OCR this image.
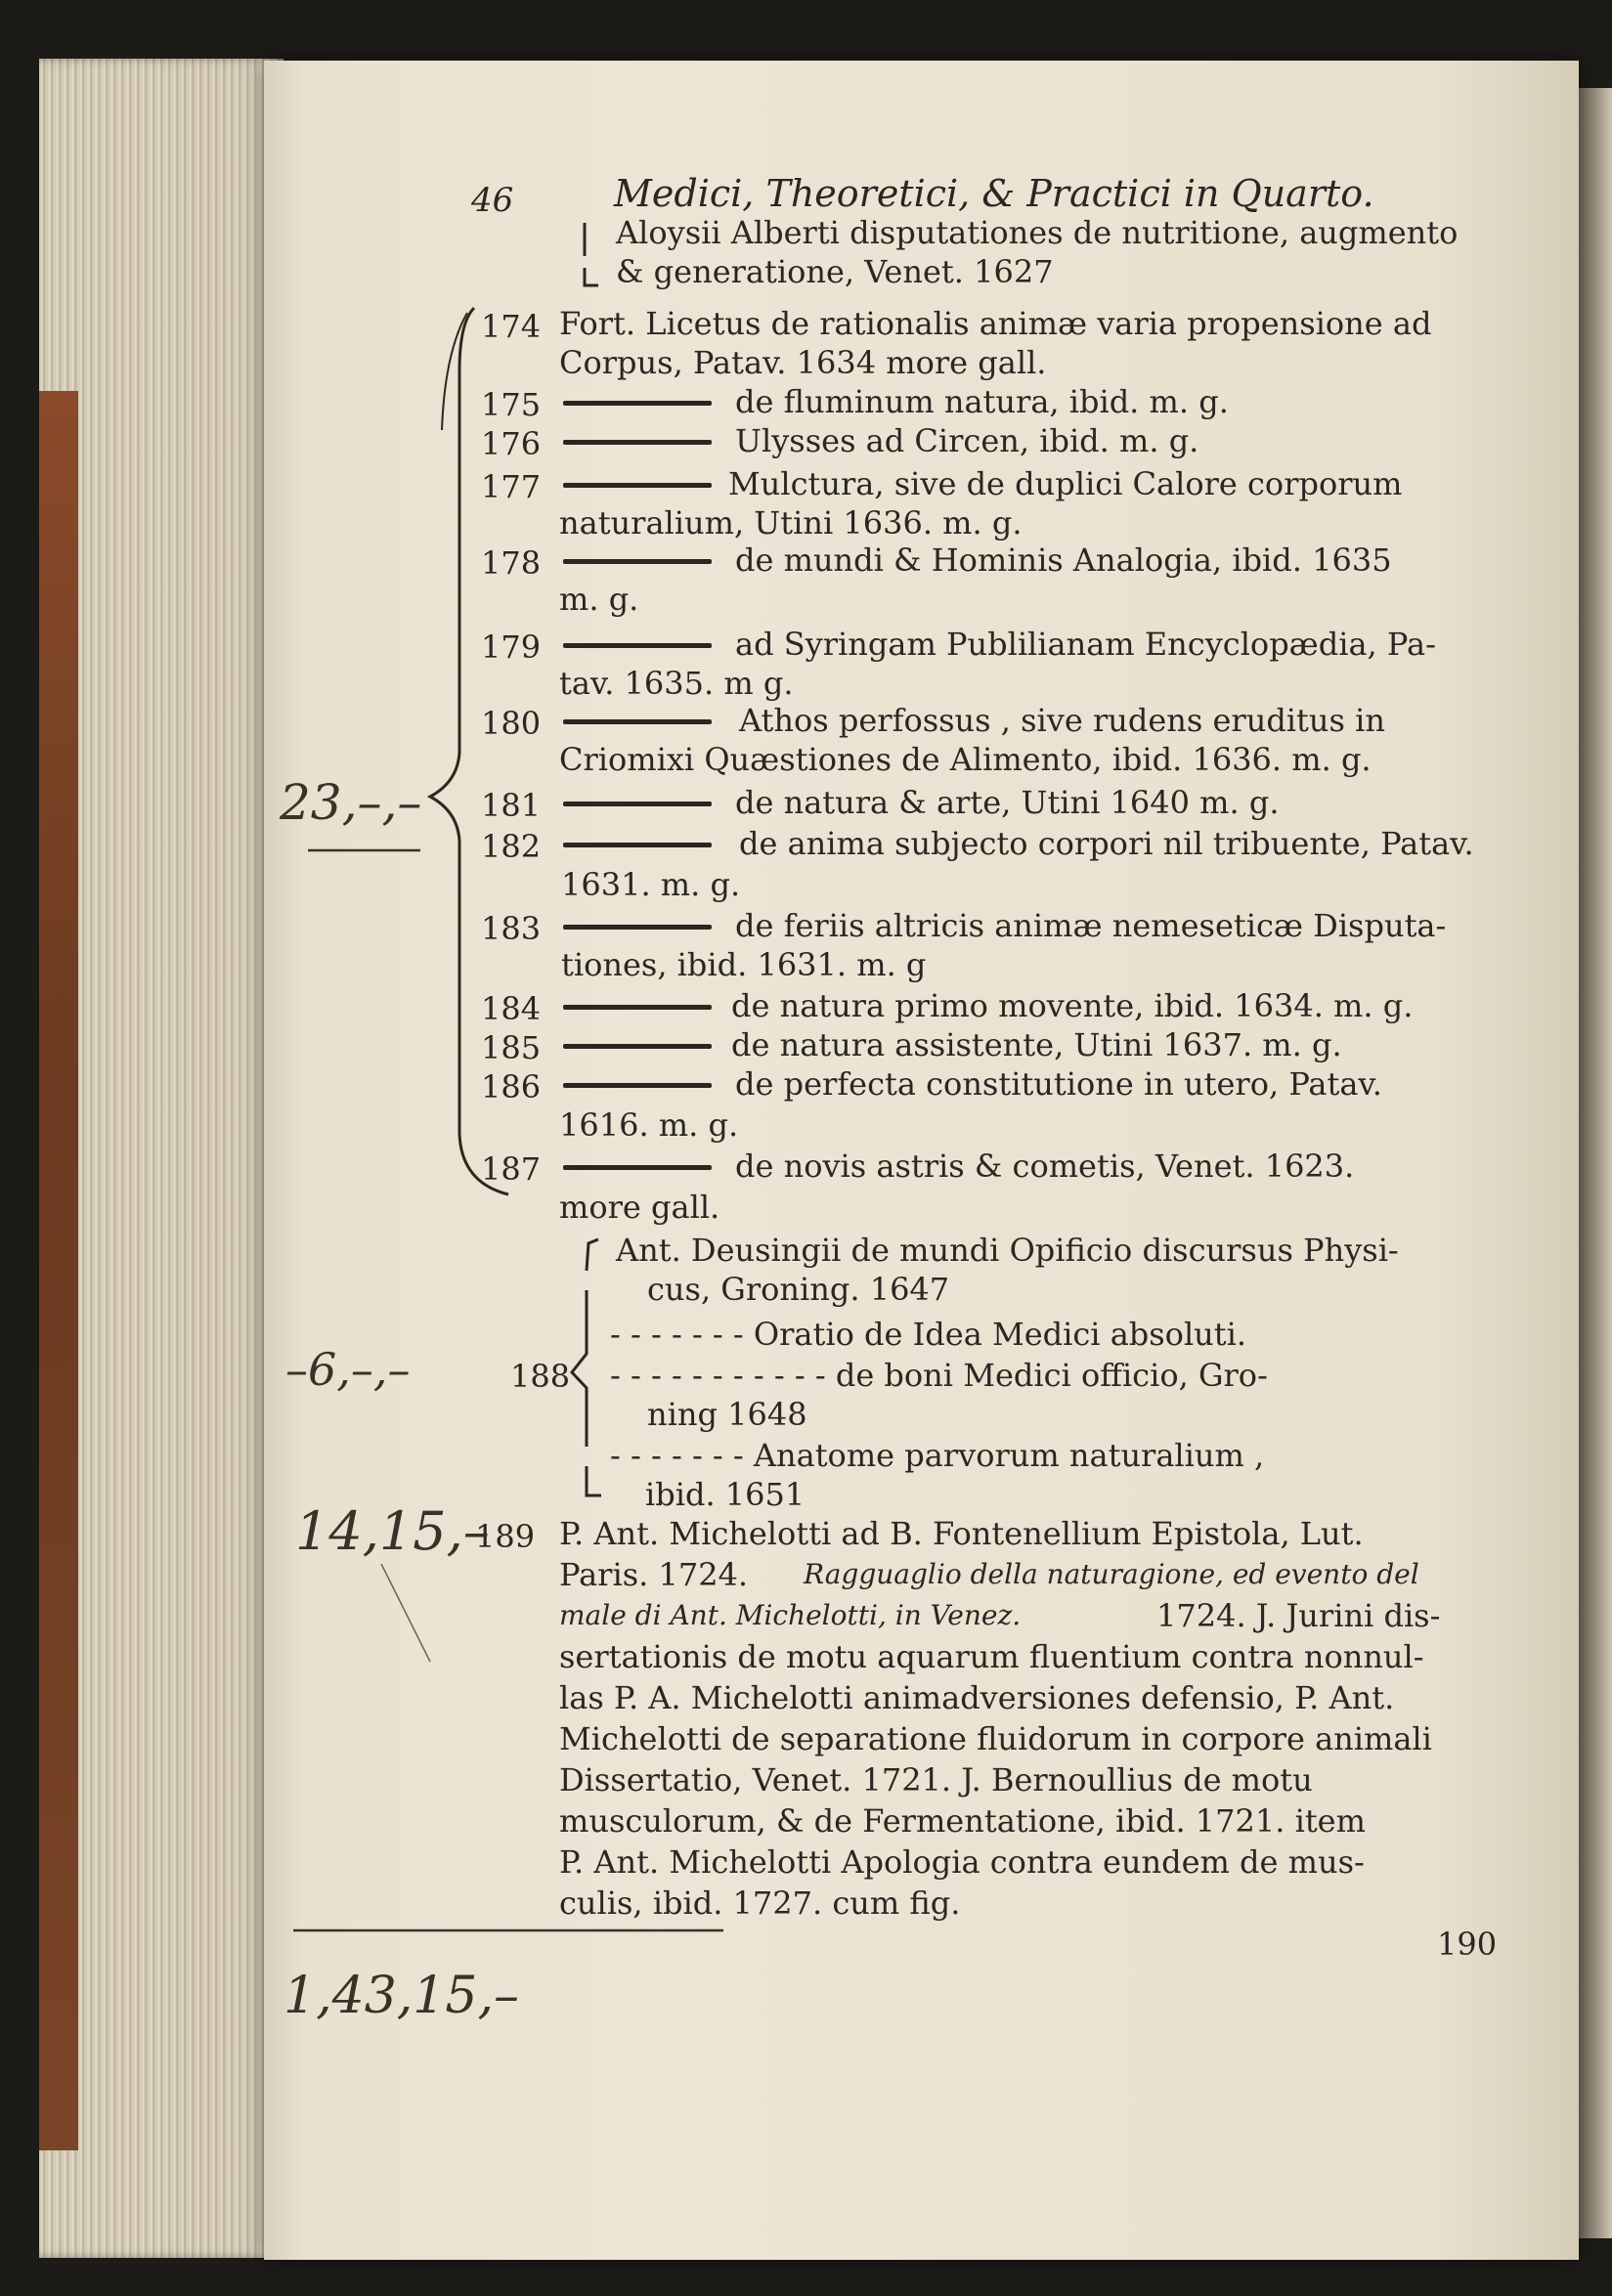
46	Medici, Theoretici, & Practici in Quarto.
Aloysii Alberti disputationes de nutritione, augmento
& generatione, Venet. 1627
174 Fort. Licetus de rationalis animæ varia propensione ad
Corpus, Patav. 1634 more gall.
175	de fluminum natura, ibid. m. g.
176	Ulysses ad Circen, ibid. m. g.
177	Mulctura, sive de duplici Calore corporum
naturalium, Utini 1636. m. g.
178	de mundi & Hominis Analogia, ibid. 1635
m. g.
179	ad Syringam Publilianam Encyclopædia, Pa-
tav. 1635. m g.
180	Athos perfossus , sive rudens eruditus in
Criomixi Quæstiones de Alimento, ibid. 1636. m. g.
181	de natura & arte, Utini 1640 m. g.
182	de anima subjecto corpori nil tribuente, Patav.
1631. m. g.
183	de feriis altricis animæ nemeseticæ Disputa-
tiones, ibid. 1631. m. g
184	de natura primo movente, ibid. 1634. m. g.
185	de natura assistente, Utini 1637. m. g.
186	de perfecta constitutione in utero, Patav.
1616. m. g.
187	de novis astris & cometis, Venet. 1623.
more gall.
Ant. Deusingii de mundi Opificio discursus Physi-
cus, Groning. 1647
- - - - - - - Oratio de Idea Medici absoluti.
188 - - - - - - - - - - - de boni Medici officio, Gro-
ning 1648
- - - - - - - Anatome parvorum naturalium ,
ibid. 1651
189 P. Ant. Michelotti ad B. Fontenellium Epistola, Lut.
Paris. 1724. Ragguaglio della naturagione, ed evento del
male di Ant. Michelotti, in Venez.	1724. J. Jurini dis-
sertationis de motu aquarum fluentium contra nonnul-
las P. A. Michelotti animadversiones defensio, P. Ant.
Michelotti de separatione fluidorum in corpore animali
Dissertatio, Venet. 1721. J. Bernoullius de motu
musculorum, & de Fermentatione, ibid. 1721. item
P. Ant. Michelotti Apologia contra eundem de mus-
culis, ibid. 1727. cum fig.
190
23,–,–
–6,–,–
14,15,–
1,43,15,–
